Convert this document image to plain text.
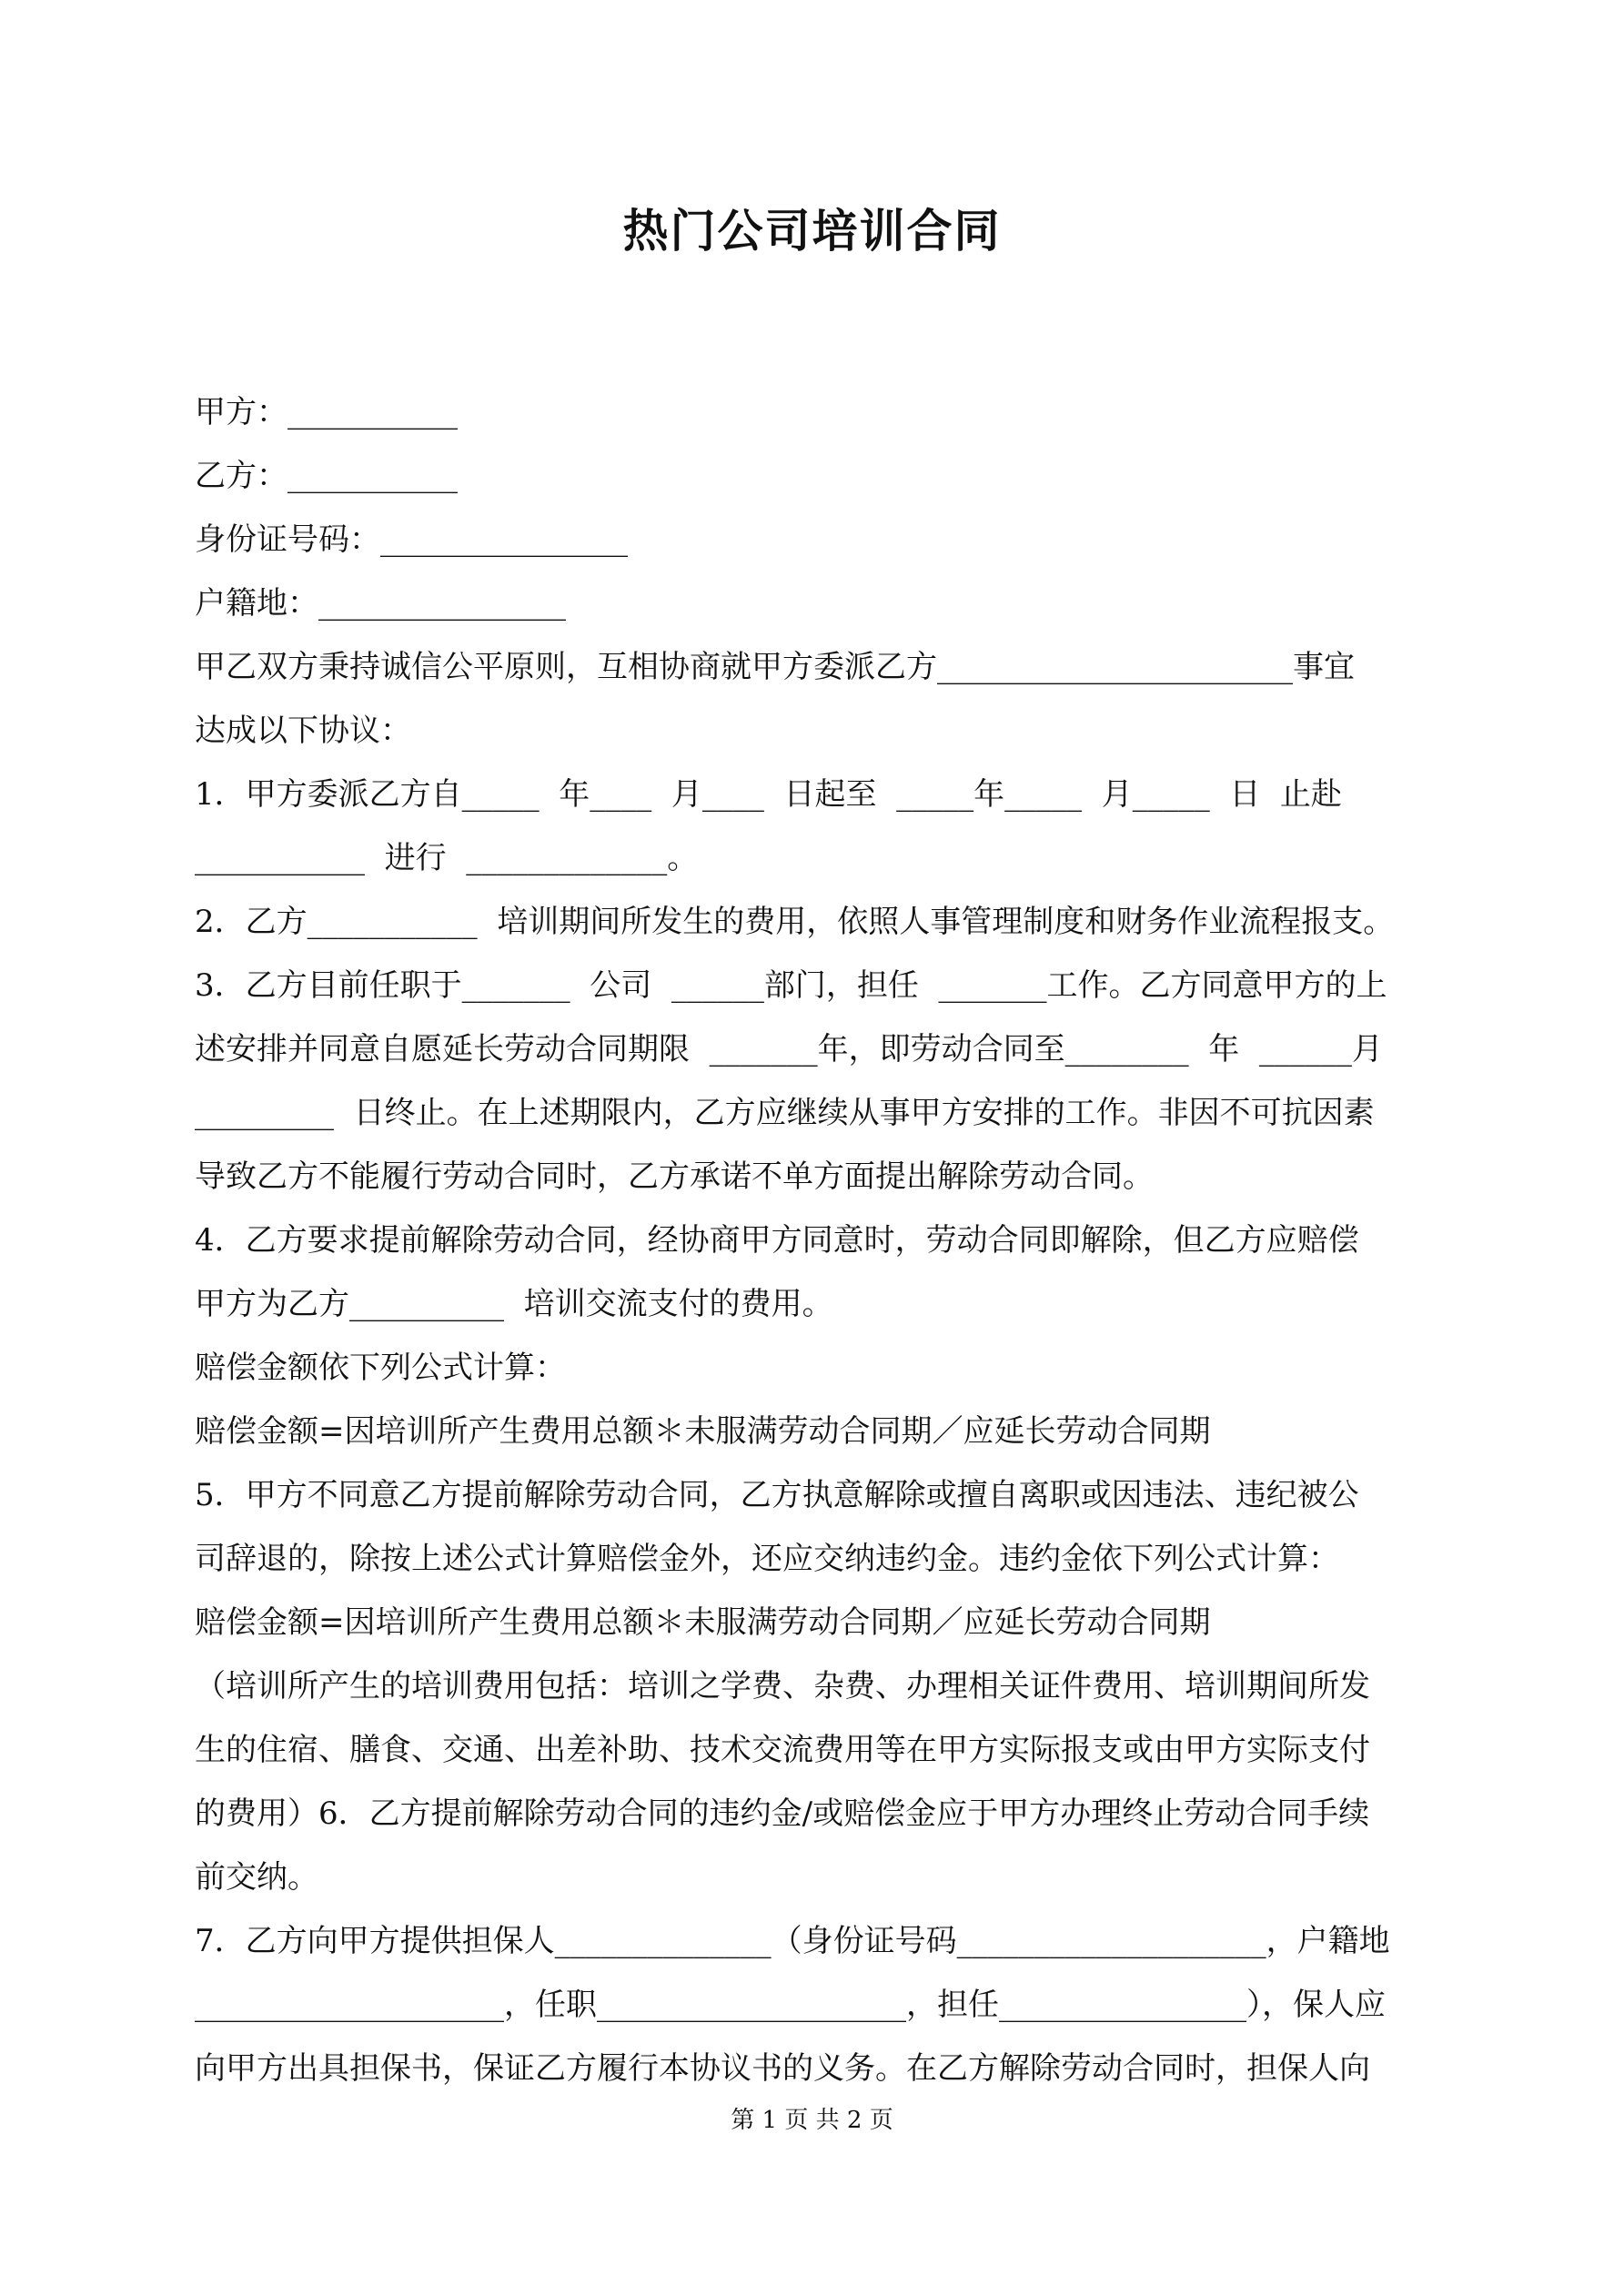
热门公司培训合同
甲方：___________
乙方：___________
身份证号码：________________
户籍地：________________
甲乙双方秉持诚信公平原则，互相协商就甲方委派乙方_______________________事宜
达成以下协议：
1．甲方委派乙方自_____  年____  月____  日起至  _____年_____  月_____  日  止赴
___________  进行  _____________。
2．乙方___________  培训期间所发生的费用，依照人事管理制度和财务作业流程报支。
3．乙方目前任职于_______  公司  ______部门，担任  _______工作。乙方同意甲方的上
述安排并同意自愿延长劳动合同期限  _______年，即劳动合同至________  年  ______月
_________  日终止。在上述期限内，乙方应继续从事甲方安排的工作。非因不可抗因素
导致乙方不能履行劳动合同时，乙方承诺不单方面提出解除劳动合同。
4．乙方要求提前解除劳动合同，经协商甲方同意时，劳动合同即解除，但乙方应赔偿
甲方为乙方__________  培训交流支付的费用。
赔偿金额依下列公式计算：
赔偿金额=因培训所产生费用总额＊未服满劳动合同期／应延长劳动合同期
5．甲方不同意乙方提前解除劳动合同，乙方执意解除或擅自离职或因违法、违纪被公
司辞退的，除按上述公式计算赔偿金外，还应交纳违约金。违约金依下列公式计算：
赔偿金额=因培训所产生费用总额＊未服满劳动合同期／应延长劳动合同期
（培训所产生的培训费用包括：培训之学费、杂费、办理相关证件费用、培训期间所发
生的住宿、膳食、交通、出差补助、技术交流费用等在甲方实际报支或由甲方实际支付
的费用）6．乙方提前解除劳动合同的违约金/或赔偿金应于甲方办理终止劳动合同手续
前交纳。
7．乙方向甲方提供担保人______________（身份证号码____________________，户籍地
____________________，任职____________________，担任________________），保人应
向甲方出具担保书，保证乙方履行本协议书的义务。在乙方解除劳动合同时，担保人向
第 1 页 共 2 页
